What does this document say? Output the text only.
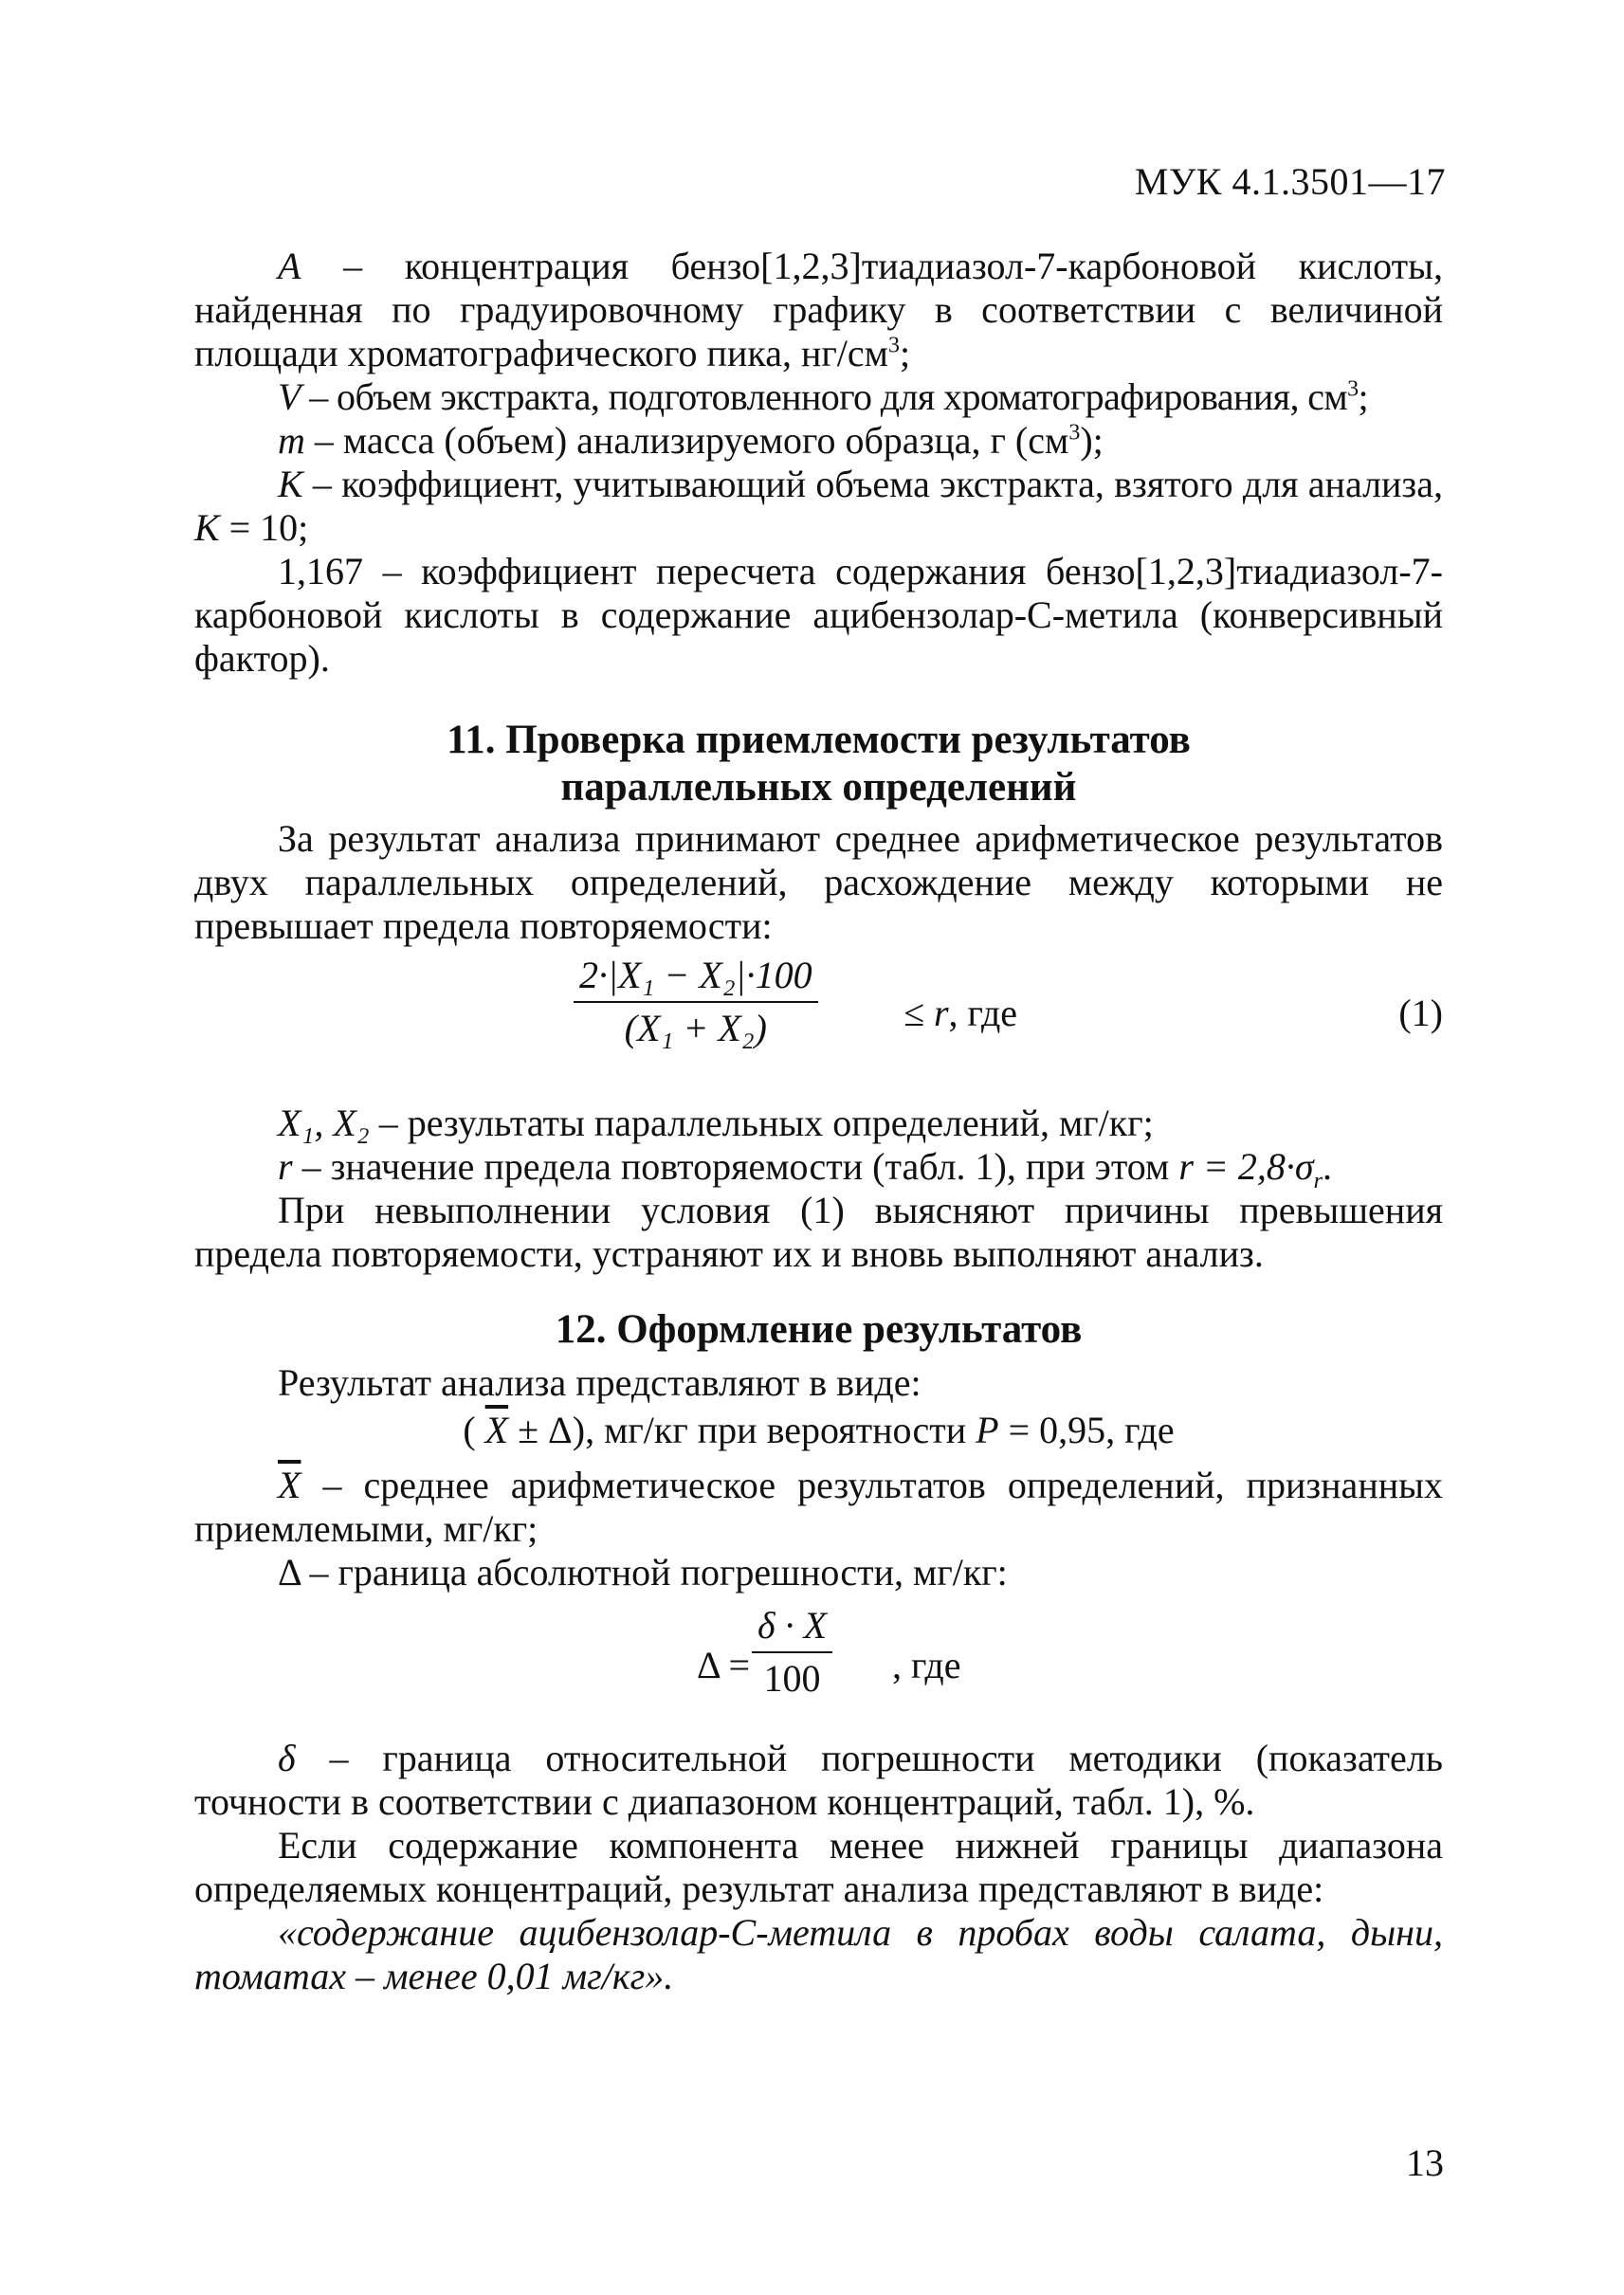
МУК 4.1.3501—17

А – концентрация бензо[1,2,3]тиадиазол-7-карбоновой кислоты, найденная по градуировочному графику в соответствии с величиной площади хроматографического пика, $нг/см^3$;

V – объем экстракта, подготовленного для хроматографирования, $см^3$;

m – масса (объем) анализируемого образца, г $(см^3)$;

К – коэффициент, учитывающий объема экстракта, взятого для анализа, К = 10;

1,167 – коэффициент пересчета содержания бензо[1,2,3]тиадиазол-7-карбоновой кислоты в содержание ацибензолар-С-метила (конверсивный фактор).

11. Проверка приемлемости результатов
параллельных определений

За результат анализа принимают среднее арифметическое результатов двух параллельных определений, расхождение между которыми не превышает предела повторяемости:

$\frac{\text{2·|X₁ − X₂|·100}}{\text{(X₁ + X₂)}} \le r$, где	(1)

X₁, X₂ – результаты параллельных определений, мг/кг;

r – значение предела повторяемости (табл. 1), при этом $r = 2,8\cdot\sigma_r$.

При невыполнении условия (1) выясняют причины превышения предела повторяемости, устраняют их и вновь выполняют анализ.

12. Оформление результатов

Результат анализа представляют в виде:

( $\overline{X} \pm \Delta$), мг/кг при вероятности P = 0,95, где

$\overline{X}$ – среднее арифметическое результатов определений, признанных приемлемыми, мг/кг;

Δ – граница абсолютной погрешности, мг/кг:

$\Delta = \frac{\delta \cdot X}{100}$ , где

δ – граница относительной погрешности методики (показатель точности в соответствии с диапазоном концентраций, табл. 1), %.

Если содержание компонента менее нижней границы диапазона определяемых концентраций, результат анализа представляют в виде:

«содержание ацибензолар-С-метила в пробах воды салата, дыни, томатах – менее 0,01 мг/кг».

13
